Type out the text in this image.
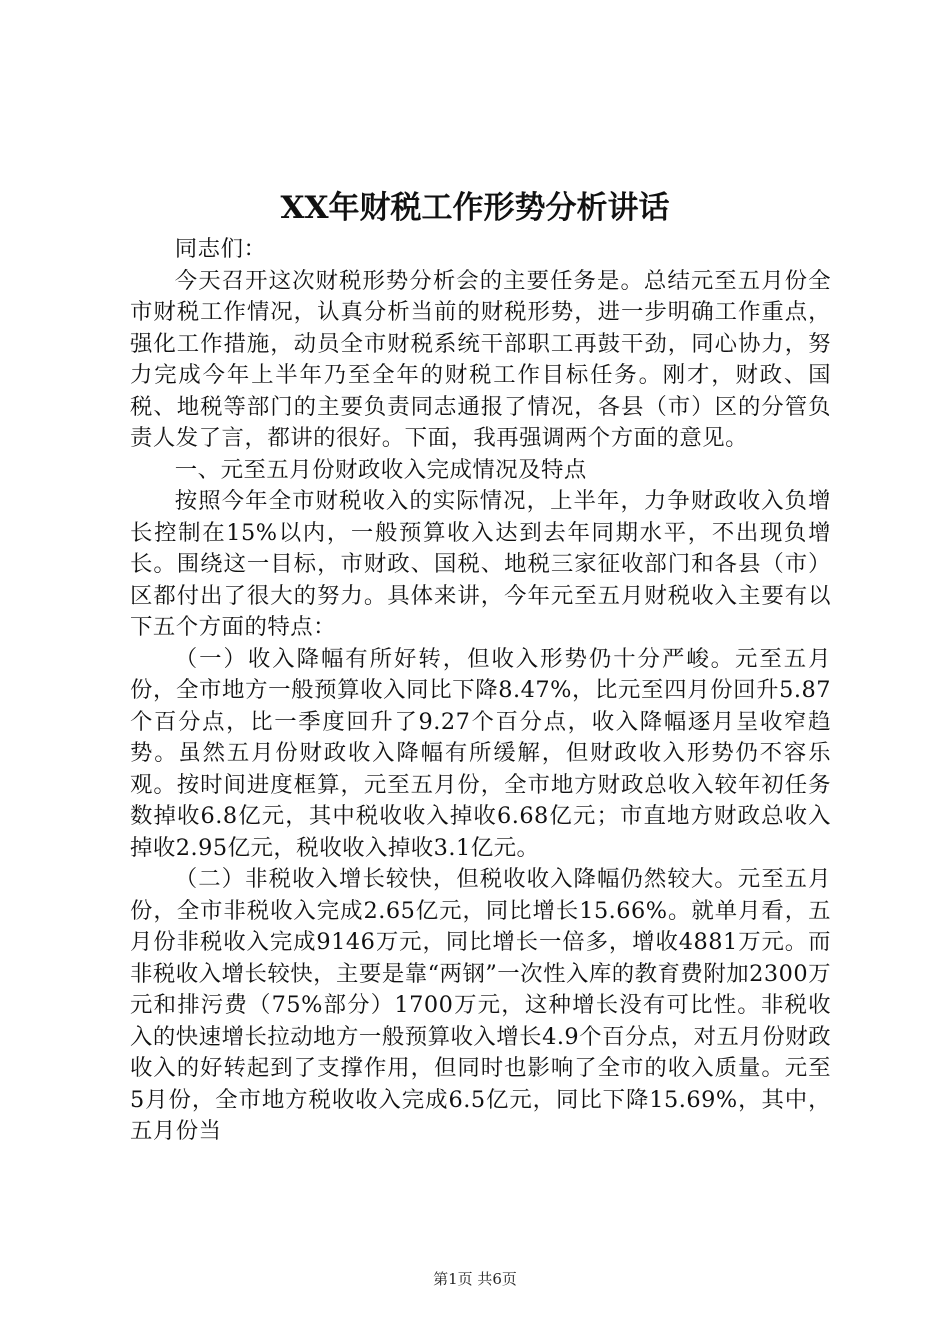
XX年财税工作形势分析讲话

同志们：

今天召开这次财税形势分析会的主要任务是。总结元至五月份全市财税工作情况，认真分析当前的财税形势，进一步明确工作重点，强化工作措施，动员全市财税系统干部职工再鼓干劲，同心协力，努力完成今年上半年乃至全年的财税工作目标任务。刚才，财政、国税、地税等部门的主要负责同志通报了情况，各县（市）区的分管负责人发了言，都讲的很好。下面，我再强调两个方面的意见。

一、元至五月份财政收入完成情况及特点

按照今年全市财税收入的实际情况，上半年，力争财政收入负增长控制在15%以内，一般预算收入达到去年同期水平，不出现负增长。围绕这一目标，市财政、国税、地税三家征收部门和各县（市）区都付出了很大的努力。具体来讲，今年元至五月财税收入主要有以下五个方面的特点：

（一）收入降幅有所好转，但收入形势仍十分严峻。元至五月份，全市地方一般预算收入同比下降8.47%，比元至四月份回升5.87个百分点，比一季度回升了9.27个百分点，收入降幅逐月呈收窄趋势。虽然五月份财政收入降幅有所缓解，但财政收入形势仍不容乐观。按时间进度框算，元至五月份，全市地方财政总收入较年初任务数掉收6.8亿元，其中税收收入掉收6.68亿元；市直地方财政总收入掉收2.95亿元，税收收入掉收3.1亿元。

（二）非税收入增长较快，但税收收入降幅仍然较大。元至五月份，全市非税收入完成2.65亿元，同比增长15.66%。就单月看，五月份非税收入完成9146万元，同比增长一倍多，增收4881万元。而非税收入增长较快，主要是靠“两钢”一次性入库的教育费附加2300万元和排污费（75%部分）1700万元，这种增长没有可比性。非税收入的快速增长拉动地方一般预算收入增长4.9个百分点，对五月份财政收入的好转起到了支撑作用，但同时也影响了全市的收入质量。元至5月份，全市地方税收收入完成6.5亿元，同比下降15.69%，其中，五月份当

第1页 共6页
